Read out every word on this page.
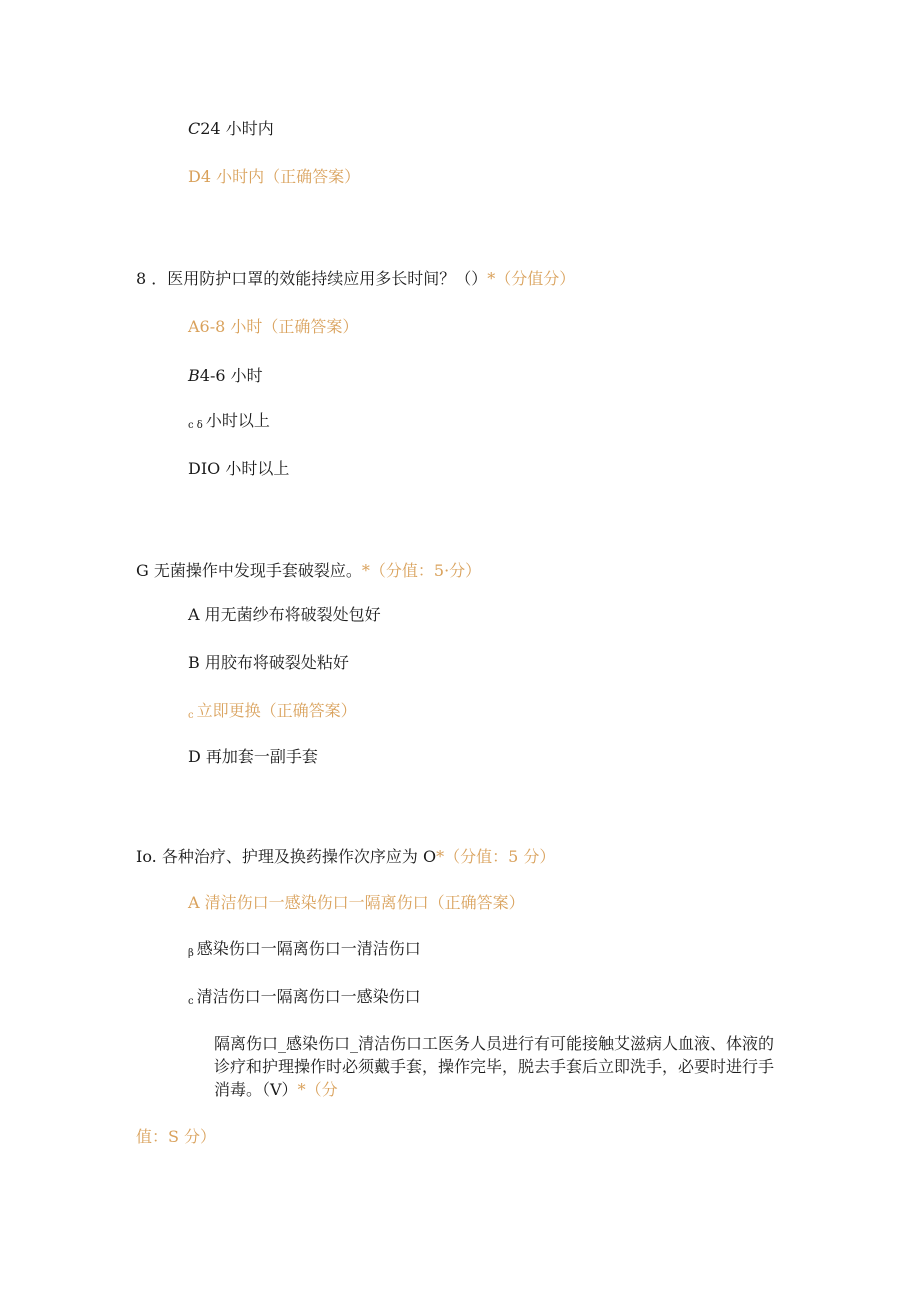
C24 小时内
D4 小时内（正确答案）
8 ．医用防护口罩的效能持续应用多长时间？（）*（分值分）
A6-8 小时（正确答案）
B4-6 小时
c δ 小时以上
DIO 小时以上
G 无菌操作中发现手套破裂应。*（分值：5·分）
A 用无菌纱布将破裂处包好
B 用胶布将破裂处粘好
c 立即更换（正确答案）
D 再加套一副手套
Io. 各种治疗、护理及换药操作次序应为 O*（分值：5 分）
A 清洁伤口一感染伤口一隔离伤口（正确答案）
β 感染伤口一隔离伤口一清洁伤口
c 清洁伤口一隔离伤口一感染伤口
隔离伤口_感染伤口_清洁伤口工医务人员进行有可能接触艾滋病人血液、体液的诊疗和护理操作时必须戴手套，操作完毕，脱去手套后立即洗手，必要时进行手消毒。（V）*（分
值：S 分）
